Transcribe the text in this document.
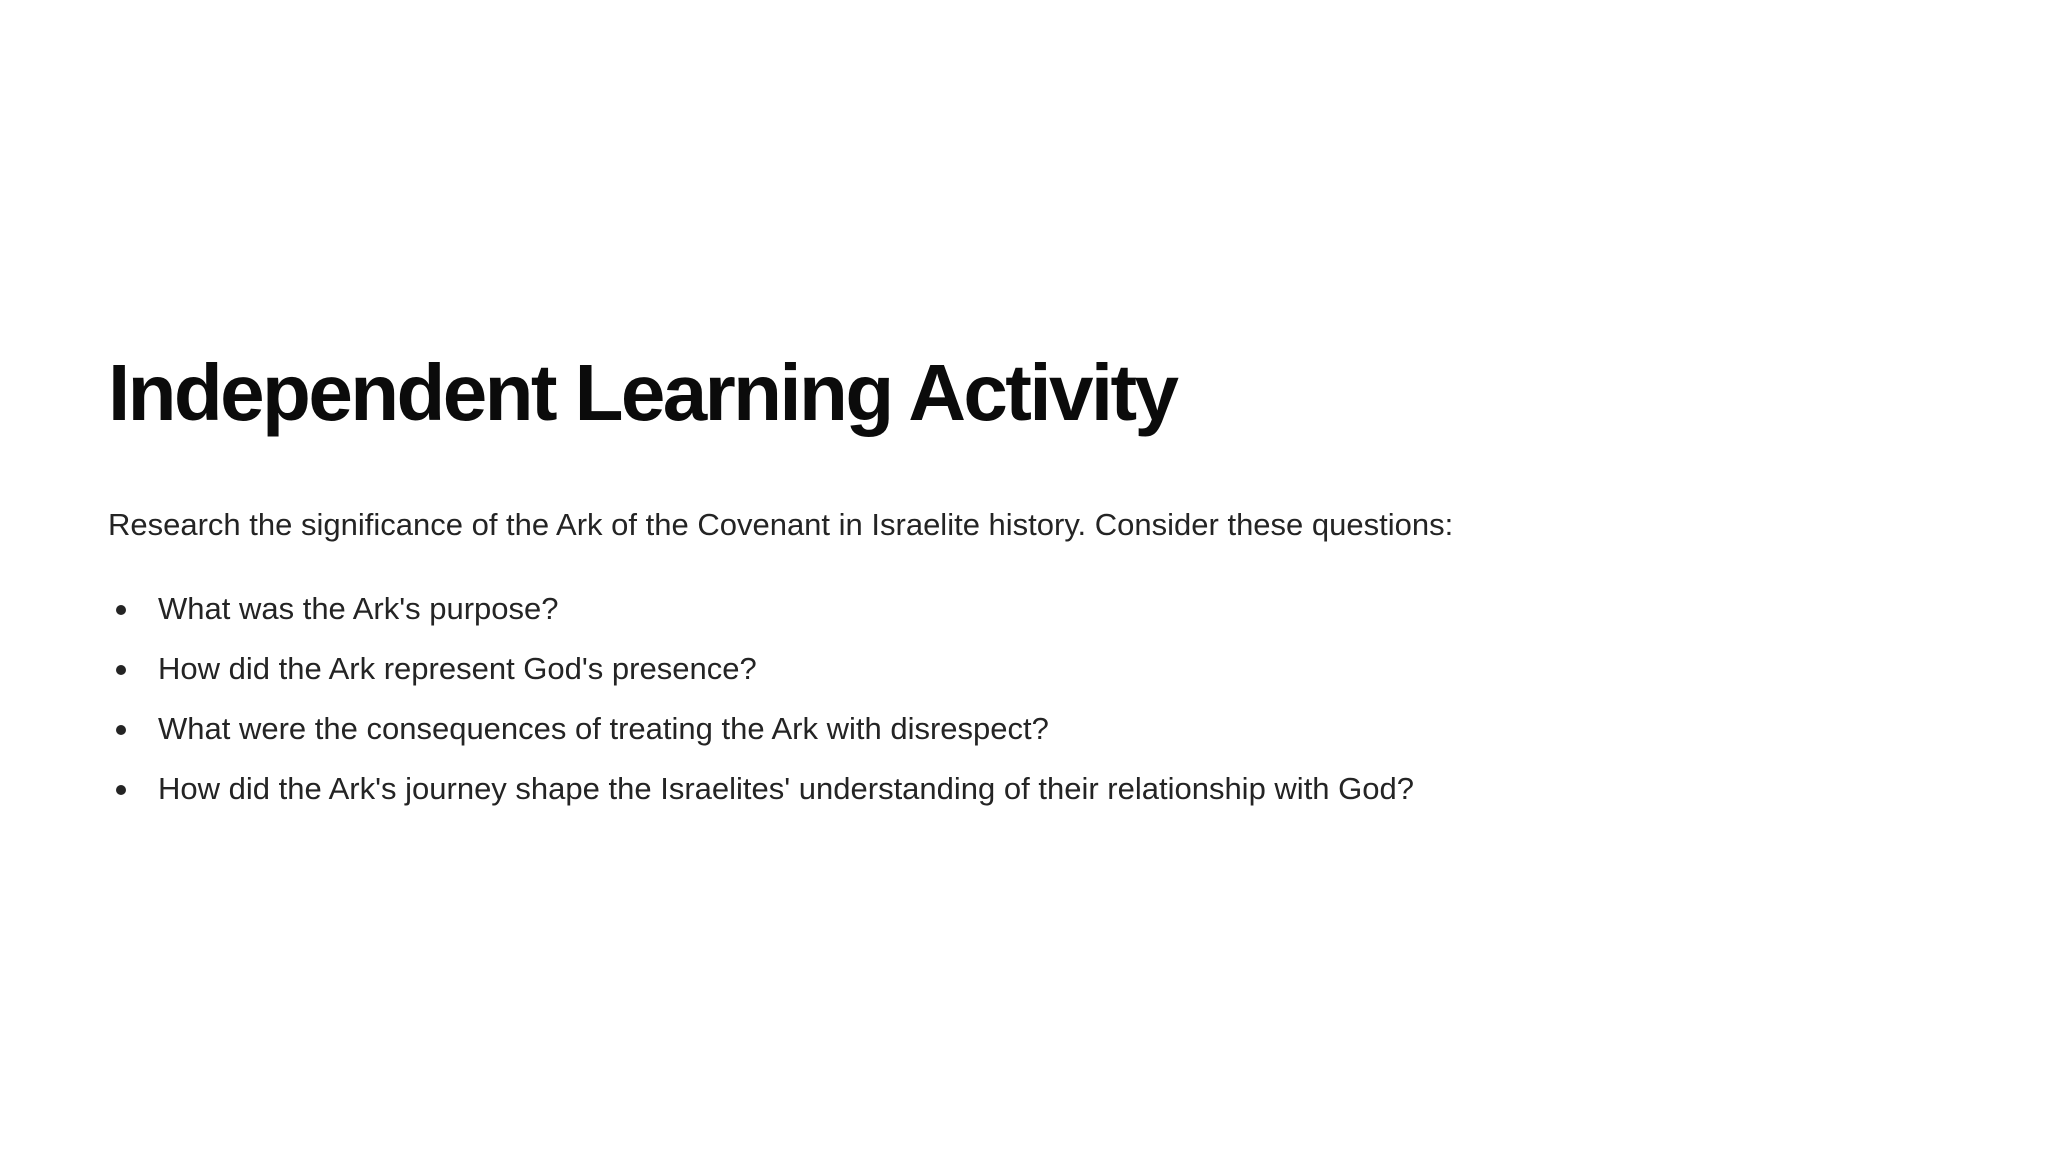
Independent Learning Activity

Research the significance of the Ark of the Covenant in Israelite history. Consider these questions:

What was the Ark's purpose?
How did the Ark represent God's presence?
What were the consequences of treating the Ark with disrespect?
How did the Ark's journey shape the Israelites' understanding of their relationship with God?
